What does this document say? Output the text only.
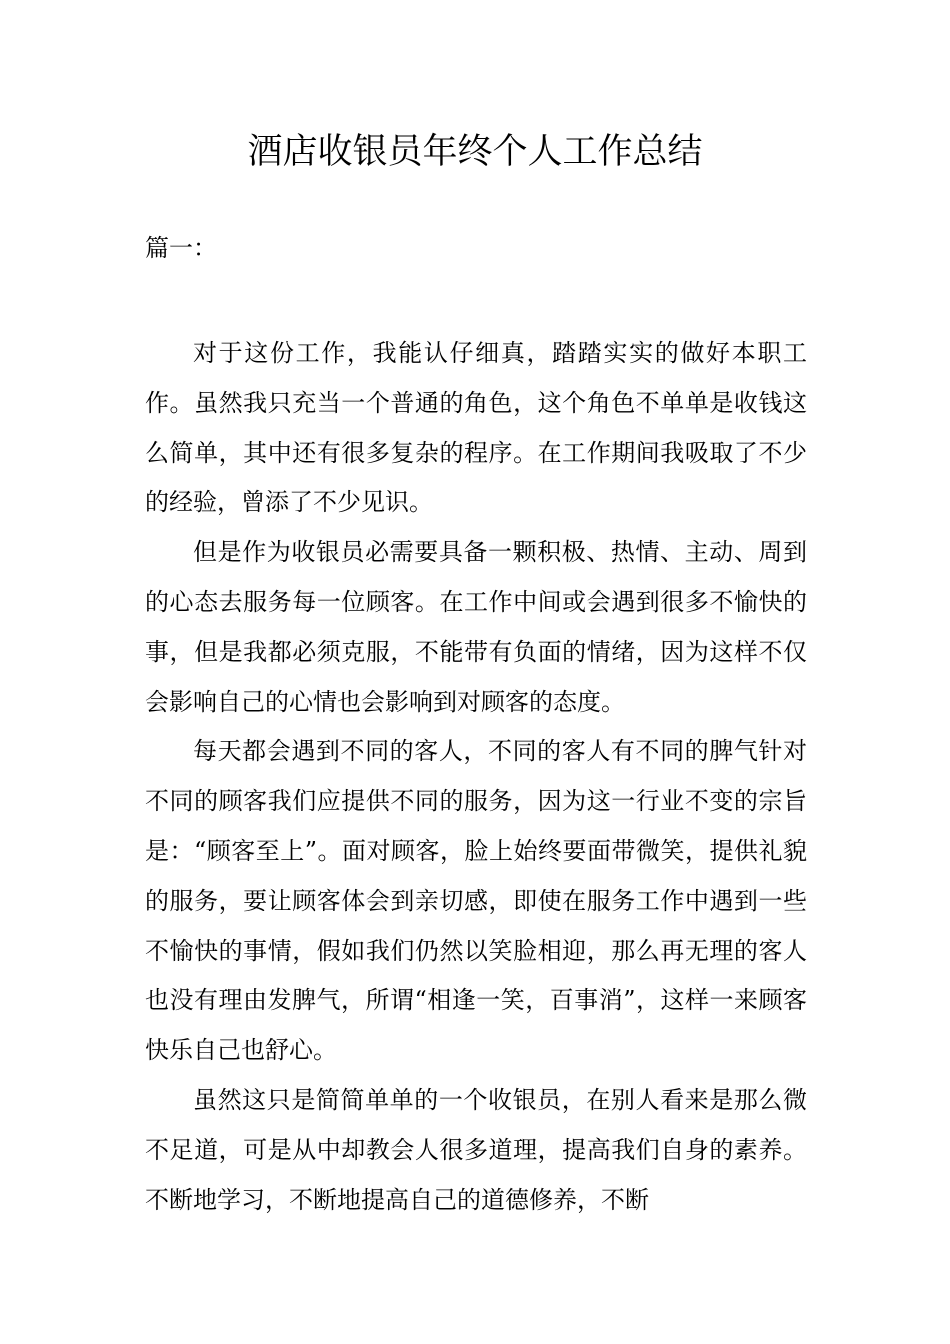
酒店收银员年终个人工作总结
篇一：

对于这份工作，我能认仔细真，踏踏实实的做好本职工作。虽然我只充当一个普通的角色，这个角色不单单是收钱这么简单，其中还有很多复杂的程序。在工作期间我吸取了不少的经验，曾添了不少见识。

但是作为收银员必需要具备一颗积极、热情、主动、周到的心态去服务每一位顾客。在工作中间或会遇到很多不愉快的事，但是我都必须克服，不能带有负面的情绪，因为这样不仅会影响自己的心情也会影响到对顾客的态度。

每天都会遇到不同的客人，不同的客人有不同的脾气针对不同的顾客我们应提供不同的服务，因为这一行业不变的宗旨是：“顾客至上”。面对顾客，脸上始终要面带微笑，提供礼貌的服务，要让顾客体会到亲切感，即使在服务工作中遇到一些不愉快的事情，假如我们仍然以笑脸相迎，那么再无理的客人也没有理由发脾气，所谓“相逢一笑，百事消”，这样一来顾客快乐自己也舒心。

虽然这只是简简单单的一个收银员，在别人看来是那么微不足道，可是从中却教会人很多道理，提高我们自身的素养。不断地学习，不断地提高自己的道德修养，不断
